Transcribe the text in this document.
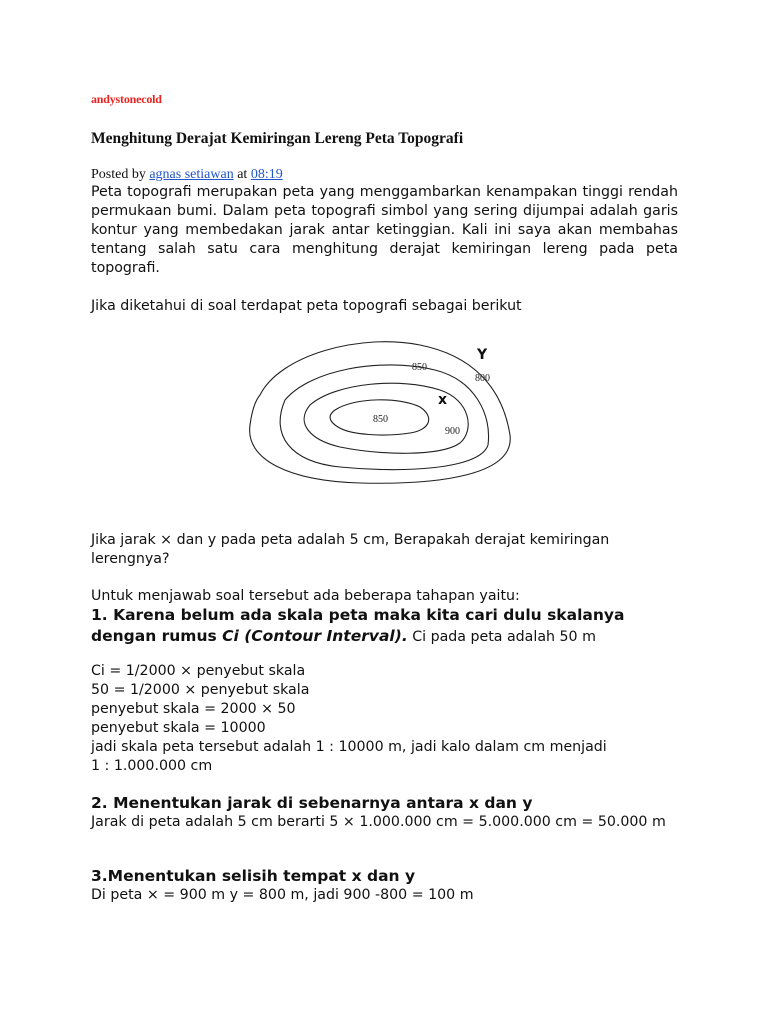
andystonecold
Menghitung Derajat Kemiringan Lereng Peta Topografi
Posted by agnas setiawan at 08:19

Peta topografi merupakan peta yang menggambarkan kenampakan tinggi rendah permukaan bumi. Dalam peta topografi simbol yang sering dijumpai adalah garis kontur yang membedakan jarak antar ketinggian. Kali ini saya akan membahas tentang salah satu cara menghitung derajat kemiringan lereng pada peta topografi.

Jika diketahui di soal terdapat peta topografi sebagai berikut

850
800
850
900
x
Y

Jika jarak × dan y pada peta adalah 5 cm, Berapakah derajat kemiringan lerengnya?

Untuk menjawab soal tersebut ada beberapa tahapan yaitu:

1. Karena belum ada skala peta maka kita cari dulu skalanya dengan rumus Ci (Contour Interval). Ci pada peta adalah 50 m
Ci = 1/2000 × penyebut skala
50 = 1/2000 × penyebut skala
penyebut skala = 2000 × 50
penyebut skala = 10000
jadi skala peta tersebut adalah 1 : 10000 m, jadi kalo dalam cm menjadi
1 : 1.000.000 cm
2. Menentukan jarak di sebenarnya antara x dan y
Jarak di peta adalah 5 cm berarti 5 × 1.000.000 cm = 5.000.000 cm = 50.000 m
3.Menentukan selisih tempat x dan y
Di peta × = 900 m y = 800 m, jadi 900 -800 = 100 m
